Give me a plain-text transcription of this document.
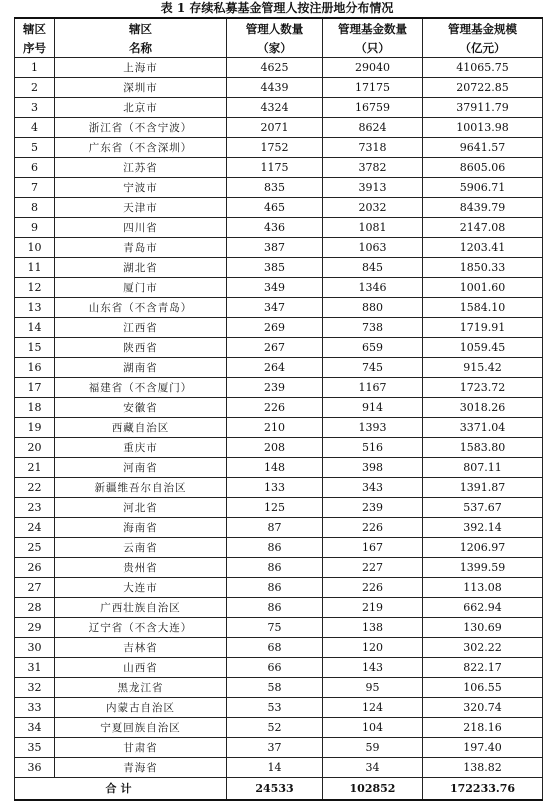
表 1 存续私募基金管理人按注册地分布情况
辖区	辖区	管理人数量	管理基金数量	管理基金规模
序号	名称	（家）	（只）	（亿元）
1	上海市	4625	29040	41065.75
2	深圳市	4439	17175	20722.85
3	北京市	4324	16759	37911.79
4	浙江省（不含宁波）	2071	8624	10013.98
5	广东省（不含深圳）	1752	7318	9641.57
6	江苏省	1175	3782	8605.06
7	宁波市	835	3913	5906.71
8	天津市	465	2032	8439.79
9	四川省	436	1081	2147.08
10	青岛市	387	1063	1203.41
11	湖北省	385	845	1850.33
12	厦门市	349	1346	1001.60
13	山东省（不含青岛）	347	880	1584.10
14	江西省	269	738	1719.91
15	陕西省	267	659	1059.45
16	湖南省	264	745	915.42
17	福建省（不含厦门）	239	1167	1723.72
18	安徽省	226	914	3018.26
19	西藏自治区	210	1393	3371.04
20	重庆市	208	516	1583.80
21	河南省	148	398	807.11
22	新疆维吾尔自治区	133	343	1391.87
23	河北省	125	239	537.67
24	海南省	87	226	392.14
25	云南省	86	167	1206.97
26	贵州省	86	227	1399.59
27	大连市	86	226	113.08
28	广西壮族自治区	86	219	662.94
29	辽宁省（不含大连）	75	138	130.69
30	吉林省	68	120	302.22
31	山西省	66	143	822.17
32	黑龙江省	58	95	106.55
33	内蒙古自治区	53	124	320.74
34	宁夏回族自治区	52	104	218.16
35	甘肃省	37	59	197.40
36	青海省	14	34	138.82
合计		24533	102852	172233.76
